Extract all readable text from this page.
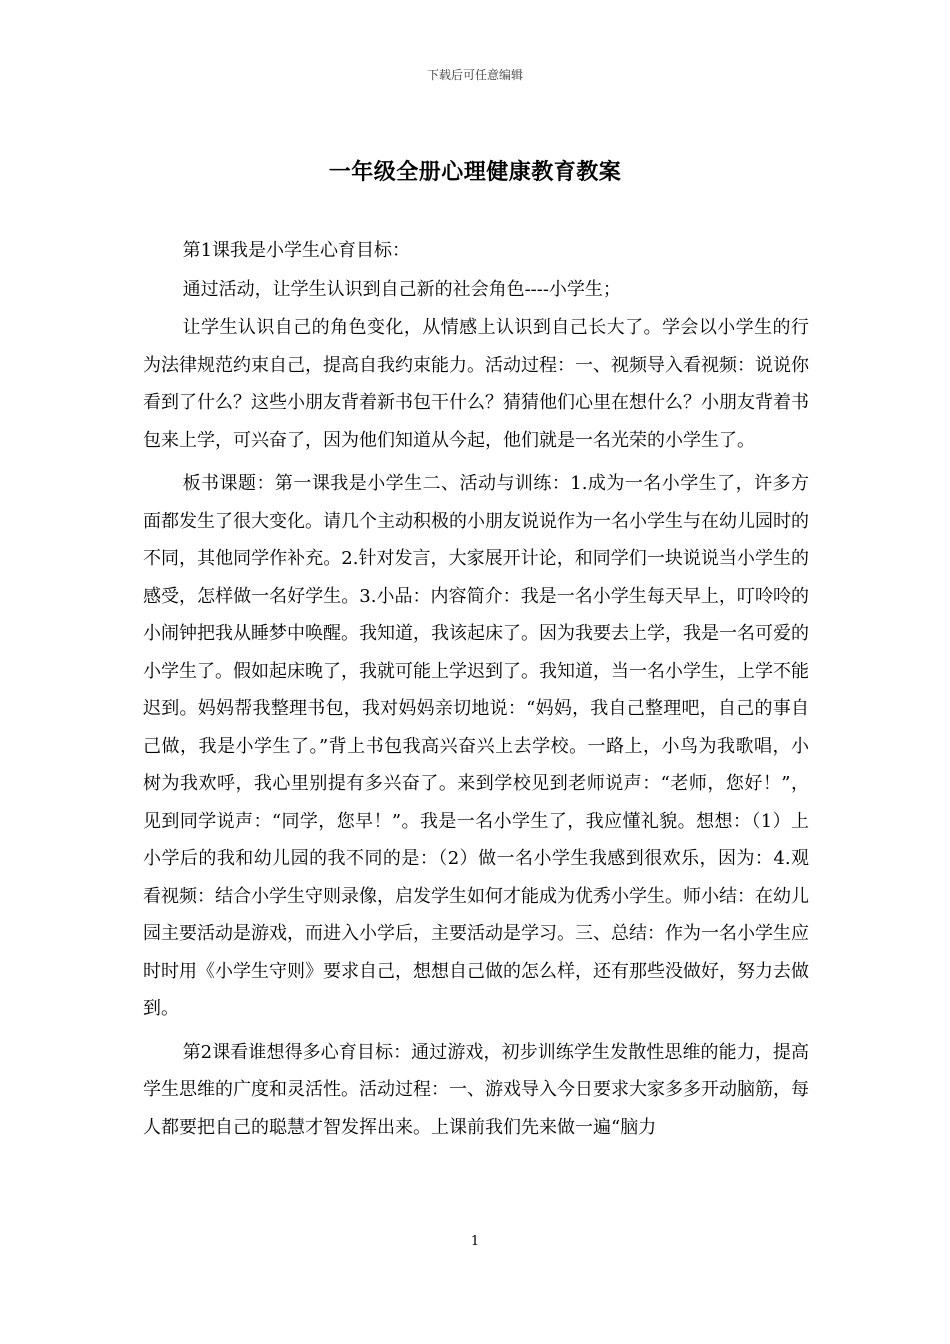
下载后可任意编辑
一年级全册心理健康教育教案

第1课我是小学生心育目标：

通过活动，让学生认识到自己新的社会角色----小学生；

让学生认识自己的角色变化，从情感上认识到自己长大了。学会以小学生的行为法律规范约束自己，提高自我约束能力。活动过程：一、视频导入看视频：说说你看到了什么？这些小朋友背着新书包干什么？猜猜他们心里在想什么？小朋友背着书包来上学，可兴奋了，因为他们知道从今起，他们就是一名光荣的小学生了。

板书课题：第一课我是小学生二、活动与训练：1.成为一名小学生了，许多方面都发生了很大变化。请几个主动积极的小朋友说说作为一名小学生与在幼儿园时的不同，其他同学作补充。2.针对发言，大家展开计论，和同学们一块说说当小学生的感受，怎样做一名好学生。3.小品：内容简介：我是一名小学生每天早上，叮呤呤的小闹钟把我从睡梦中唤醒。我知道，我该起床了。因为我要去上学，我是一名可爱的小学生了。假如起床晚了，我就可能上学迟到了。我知道，当一名小学生，上学不能迟到。妈妈帮我整理书包，我对妈妈亲切地说：“妈妈，我自己整理吧，自己的事自己做，我是小学生了。”背上书包我高兴奋兴上去学校。一路上，小鸟为我歌唱，小树为我欢呼，我心里别提有多兴奋了。来到学校见到老师说声：“老师，您好！”，见到同学说声：“同学，您早！”。我是一名小学生了，我应懂礼貌。想想：（1）上小学后的我和幼儿园的我不同的是：（2）做一名小学生我感到很欢乐，因为：4.观看视频：结合小学生守则录像，启发学生如何才能成为优秀小学生。师小结：在幼儿园主要活动是游戏，而进入小学后，主要活动是学习。三、总结：作为一名小学生应时时用《小学生守则》要求自己，想想自己做的怎么样，还有那些没做好，努力去做到。

第2课看谁想得多心育目标：通过游戏，初步训练学生发散性思维的能力，提高学生思维的广度和灵活性。活动过程：一、游戏导入今日要求大家多多开动脑筋，每人都要把自己的聪慧才智发挥出来。上课前我们先来做一遍“脑力

1
